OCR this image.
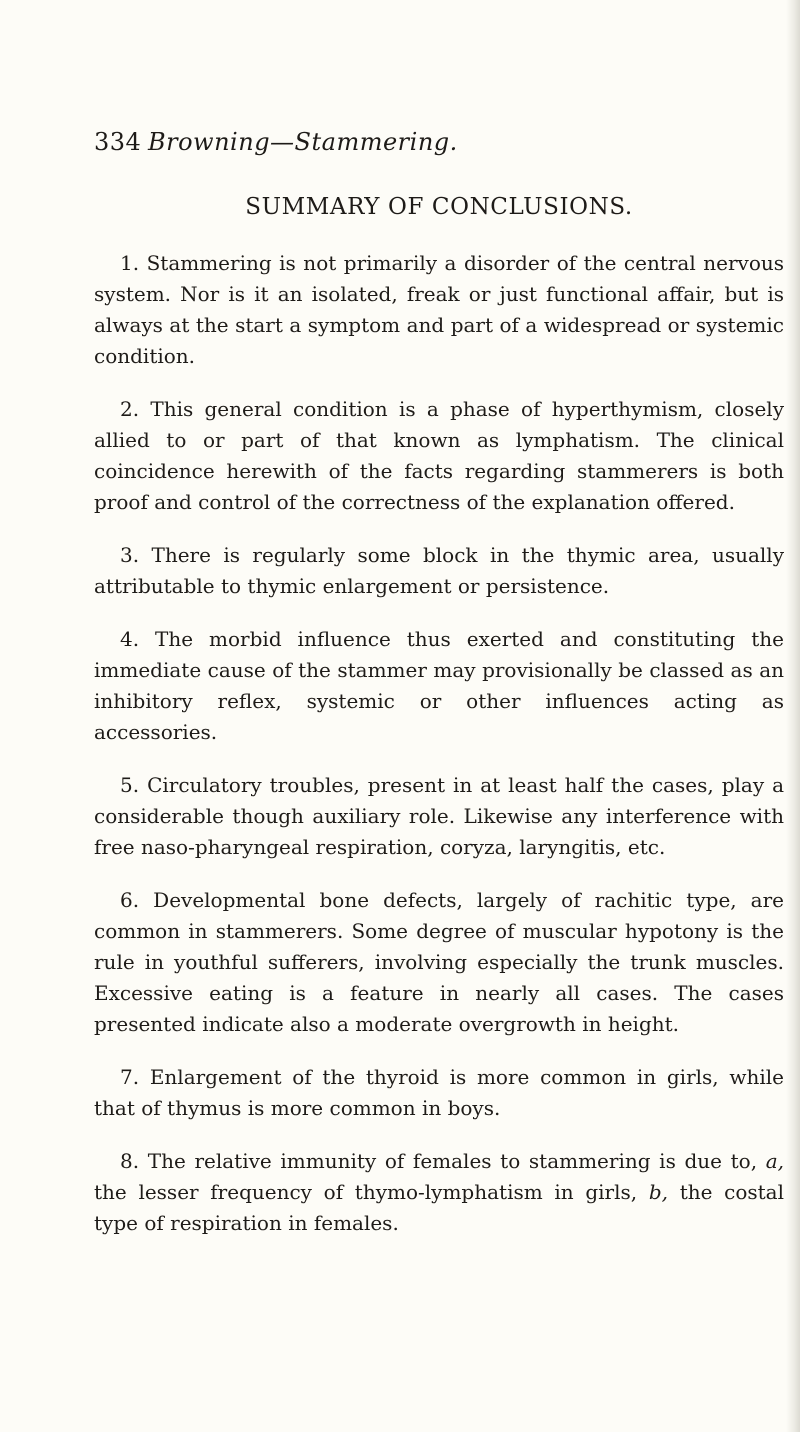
334 Browning—Stammering.
SUMMARY OF CONCLUSIONS.

1. Stammering is not primarily a disorder of the central nervous system. Nor is it an isolated, freak or just functional affair, but is always at the start a symptom and part of a widespread or systemic condition.

2. This general condition is a phase of hyperthymism, closely allied to or part of that known as lymphatism. The clinical coincidence herewith of the facts regarding stammerers is both proof and control of the correctness of the explanation offered.

3. There is regularly some block in the thymic area, usually attributable to thymic enlargement or persistence.

4. The morbid influence thus exerted and constituting the immediate cause of the stammer may provisionally be classed as an inhibitory reflex, systemic or other influences acting as accessories.

5. Circulatory troubles, present in at least half the cases, play a considerable though auxiliary role. Likewise any interference with free naso-pharyngeal respiration, coryza, laryngitis, etc.

6. Developmental bone defects, largely of rachitic type, are common in stammerers. Some degree of muscular hypotony is the rule in youthful sufferers, involving especially the trunk muscles. Excessive eating is a feature in nearly all cases. The cases presented indicate also a moderate overgrowth in height.

7. Enlargement of the thyroid is more common in girls, while that of thymus is more common in boys.

8. The relative immunity of females to stammering is due to, a, the lesser frequency of thymo-lymphatism in girls, b, the costal type of respiration in females.
